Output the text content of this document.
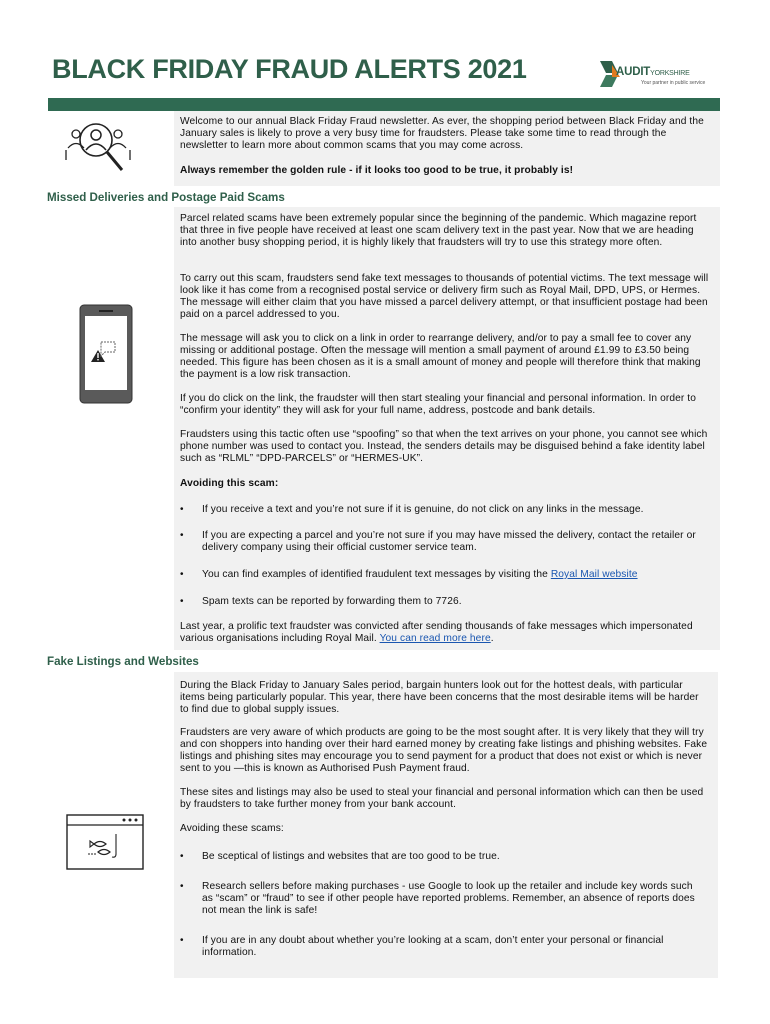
BLACK FRIDAY FRAUD ALERTS 2021	AUDITYORKSHIRE
Your partner in public service

Welcome to our annual Black Friday Fraud newsletter. As ever, the shopping period between Black Friday and the January sales is likely to prove a very busy time for fraudsters. Please take some time to read through the newsletter to learn more about common scams that you may come across.

Always remember the golden rule - if it looks too good to be true, it probably is!

Missed Deliveries and Postage Paid Scams

Parcel related scams have been extremely popular since the beginning of the pandemic. Which magazine report that three in five people have received at least one scam delivery text in the past year. Now that we are heading into another busy shopping period, it is highly likely that fraudsters will try to use this strategy more often.

To carry out this scam, fraudsters send fake text messages to thousands of potential victims. The text message will look like it has come from a recognised postal service or delivery firm such as Royal Mail, DPD, UPS, or Hermes. The message will either claim that you have missed a parcel delivery attempt, or that insufficient postage had been paid on a parcel addressed to you.

The message will ask you to click on a link in order to rearrange delivery, and/or to pay a small fee to cover any missing or additional postage. Often the message will mention a small payment of around £1.99 to £3.50 being needed. This figure has been chosen as it is a small amount of money and people will therefore think that making the payment is a low risk transaction.

If you do click on the link, the fraudster will then start stealing your financial and personal information. In order to “confirm your identity” they will ask for your full name, address, postcode and bank details.

Fraudsters using this tactic often use “spoofing” so that when the text arrives on your phone, you cannot see which phone number was used to contact you. Instead, the senders details may be disguised behind a fake identity label such as “RLML” “DPD-PARCELS” or “HERMES-UK”.

Avoiding this scam:

• If you receive a text and you’re not sure if it is genuine, do not click on any links in the message.

• If you are expecting a parcel and you’re not sure if you may have missed the delivery, contact the retailer or delivery company using their official customer service team.

• You can find examples of identified fraudulent text messages by visiting the Royal Mail website

• Spam texts can be reported by forwarding them to 7726.

Last year, a prolific text fraudster was convicted after sending thousands of fake messages which impersonated various organisations including Royal Mail. You can read more here.

Fake Listings and Websites

During the Black Friday to January Sales period, bargain hunters look out for the hottest deals, with particular items being particularly popular. This year, there have been concerns that the most desirable items will be harder to find due to global supply issues.

Fraudsters are very aware of which products are going to be the most sought after. It is very likely that they will try and con shoppers into handing over their hard earned money by creating fake listings and phishing websites. Fake listings and phishing sites may encourage you to send payment for a product that does not exist or which is never sent to you —this is known as Authorised Push Payment fraud.

These sites and listings may also be used to steal your financial and personal information which can then be used by fraudsters to take further money from your bank account.

Avoiding these scams:

• Be sceptical of listings and websites that are too good to be true.

• Research sellers before making purchases - use Google to look up the retailer and include key words such as “scam” or “fraud” to see if other people have reported problems. Remember, an absence of reports does not mean the link is safe!

• If you are in any doubt about whether you’re looking at a scam, don’t enter your personal or financial information.
